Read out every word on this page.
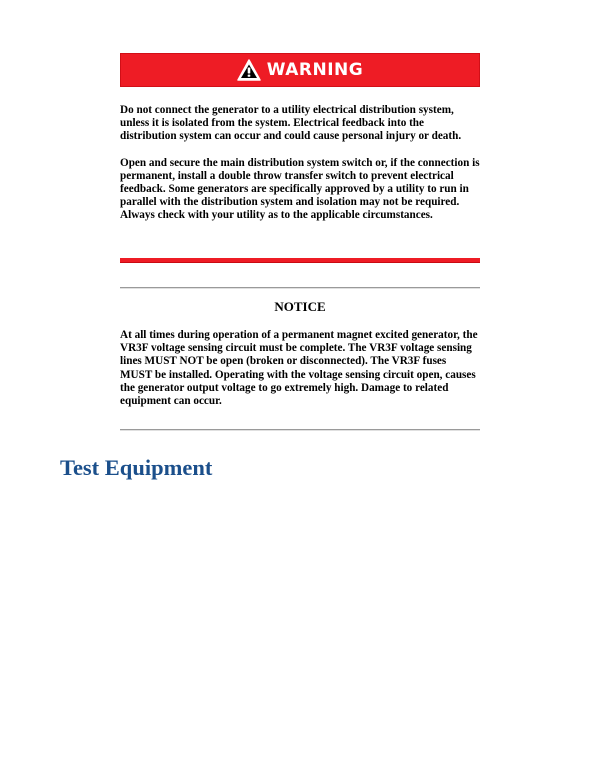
WARNING

Do not connect the generator to a utility electrical distribution system, unless it is isolated from the system. Electrical feedback into the distribution system can occur and could cause personal injury or death.

Open and secure the main distribution system switch or, if the connection is permanent, install a double throw transfer switch to prevent electrical feedback. Some generators are specifically approved by a utility to run in parallel with the distribution system and isolation may not be required. Always check with your utility as to the applicable circumstances.

NOTICE

At all times during operation of a permanent magnet excited generator, the VR3F voltage sensing circuit must be complete. The VR3F voltage sensing lines MUST NOT be open (broken or disconnected). The VR3F fuses MUST be installed. Operating with the voltage sensing circuit open, causes the generator output voltage to go extremely high. Damage to related equipment can occur.

Test Equipment
